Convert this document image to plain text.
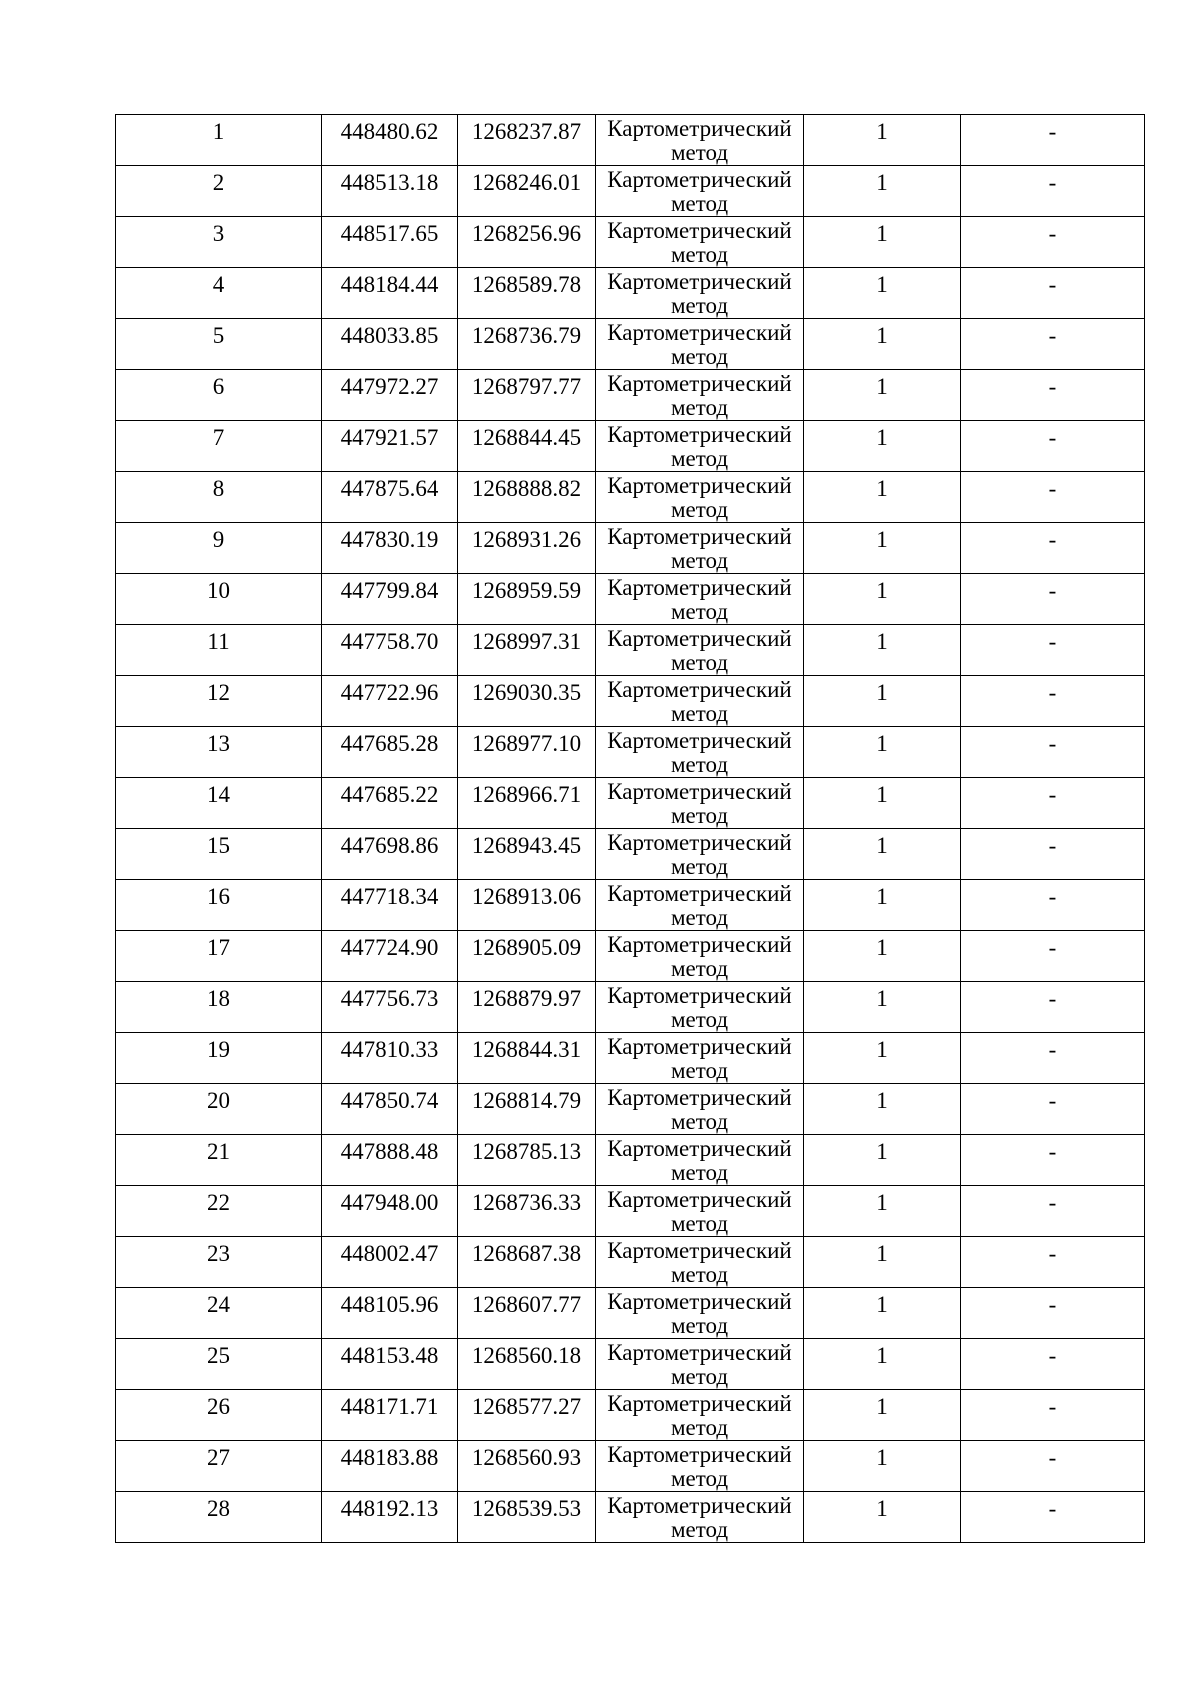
1	448480.62	1268237.87	Картометрический метод	1	-

2	448513.18	1268246.01	Картометрический метод	1	-

3	448517.65	1268256.96	Картометрический метод	1	-

4	448184.44	1268589.78	Картометрический метод	1	-

5	448033.85	1268736.79	Картометрический метод	1	-

6	447972.27	1268797.77	Картометрический метод	1	-

7	447921.57	1268844.45	Картометрический метод	1	-

8	447875.64	1268888.82	Картометрический метод	1	-

9	447830.19	1268931.26	Картометрический метод	1	-

10	447799.84	1268959.59	Картометрический метод	1	-

11	447758.70	1268997.31	Картометрический метод	1	-

12	447722.96	1269030.35	Картометрический метод	1	-

13	447685.28	1268977.10	Картометрический метод	1	-

14	447685.22	1268966.71	Картометрический метод	1	-

15	447698.86	1268943.45	Картометрический метод	1	-

16	447718.34	1268913.06	Картометрический метод	1	-

17	447724.90	1268905.09	Картометрический метод	1	-

18	447756.73	1268879.97	Картометрический метод	1	-

19	447810.33	1268844.31	Картометрический метод	1	-

20	447850.74	1268814.79	Картометрический метод	1	-

21	447888.48	1268785.13	Картометрический метод	1	-

22	447948.00	1268736.33	Картометрический метод	1	-

23	448002.47	1268687.38	Картометрический метод	1	-

24	448105.96	1268607.77	Картометрический метод	1	-

25	448153.48	1268560.18	Картометрический метод	1	-

26	448171.71	1268577.27	Картометрический метод	1	-

27	448183.88	1268560.93	Картометрический метод	1	-

28	448192.13	1268539.53	Картометрический метод	1	-
